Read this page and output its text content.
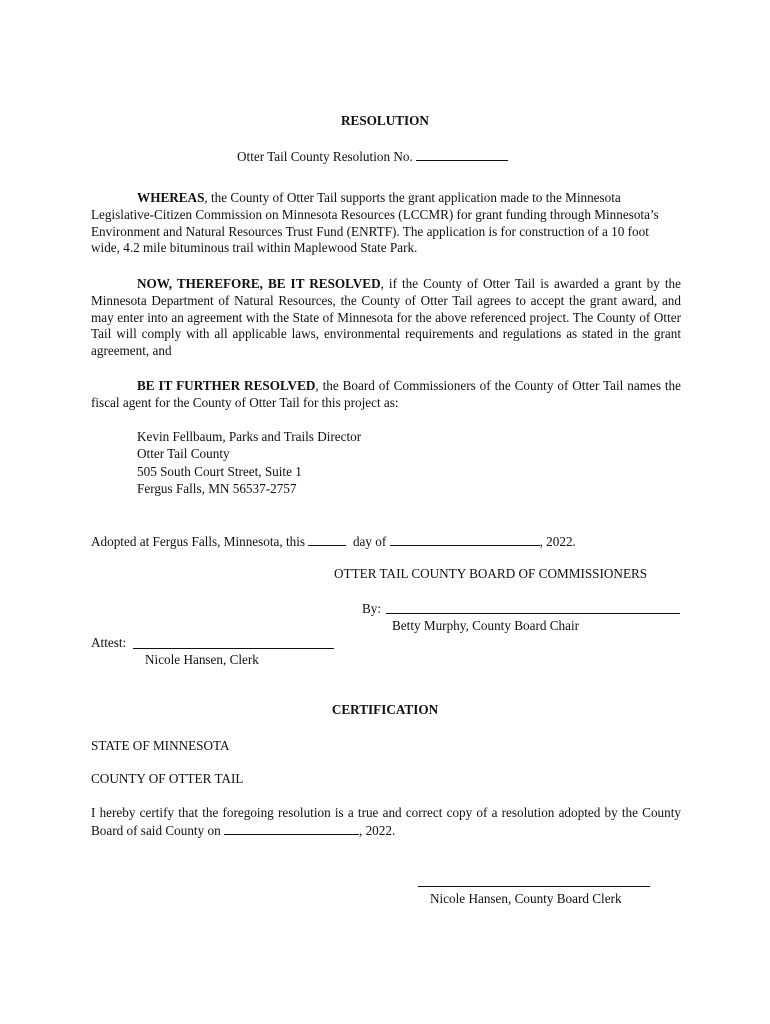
RESOLUTION
Otter Tail County Resolution No.

WHEREAS, the County of Otter Tail supports the grant application made to the Minnesota Legislative-Citizen Commission on Minnesota Resources (LCCMR) for grant funding through Minnesota’s Environment and Natural Resources Trust Fund (ENRTF). The application is for construction of a 10 foot wide, 4.2 mile bituminous trail within Maplewood State Park.

NOW, THEREFORE, BE IT RESOLVED, if the County of Otter Tail is awarded a grant by the Minnesota Department of Natural Resources, the County of Otter Tail agrees to accept the grant award, and may enter into an agreement with the State of Minnesota for the above referenced project. The County of Otter Tail will comply with all applicable laws, environmental requirements and regulations as stated in the grant agreement, and

BE IT FURTHER RESOLVED, the Board of Commissioners of the County of Otter Tail names the fiscal agent for the County of Otter Tail for this project as:

Kevin Fellbaum, Parks and Trails Director
Otter Tail County
505 South Court Street, Suite 1
Fergus Falls, MN 56537-2757
Adopted at Fergus Falls, Minnesota, this	day of	, 2022.
OTTER TAIL COUNTY BOARD OF COMMISSIONERS
By:
Betty Murphy, County Board Chair
Attest:
Nicole Hansen, Clerk
CERTIFICATION
STATE OF MINNESOTA
COUNTY OF OTTER TAIL
I hereby certify that the foregoing resolution is a true and correct copy of a resolution adopted by the County Board of said County on	, 2022.
Nicole Hansen, County Board Clerk
